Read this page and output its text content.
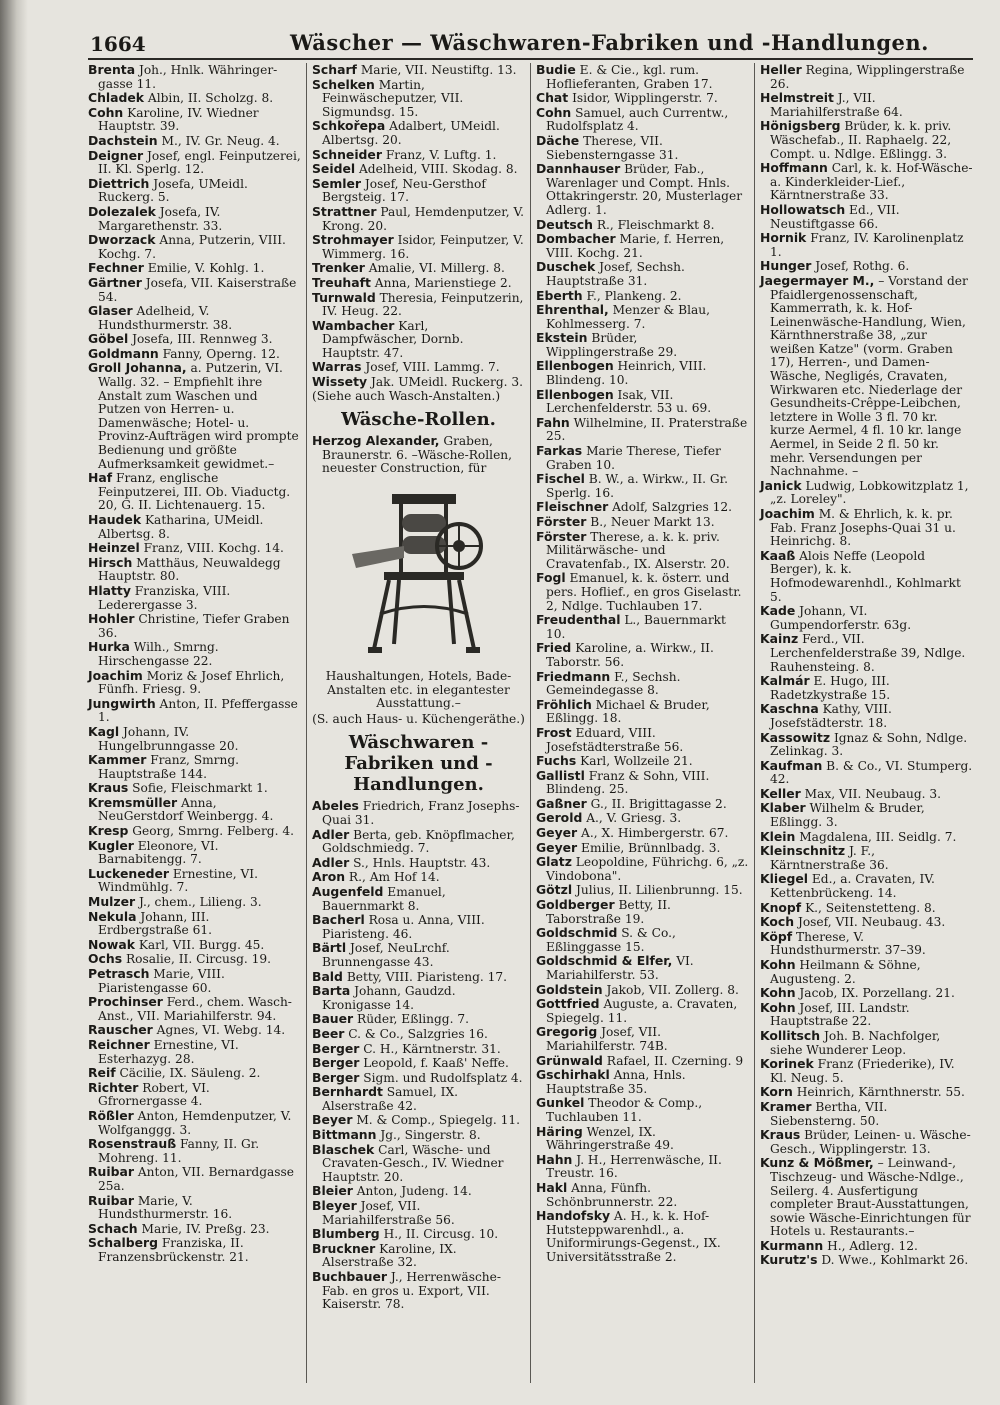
1664	Wäscher — Wäschwaren-Fabriken und -Handlungen.

Brenta Joh., Hnlk. Währinger-gasse 11.

Chladek Albin, II. Scholzg. 8.

Cohn Karoline, IV. Wiedner Hauptstr. 39.

Dachstein M., IV. Gr. Neug. 4.

Deigner Josef, engl. Feinputzerei, II. Kl. Sperlg. 12.

Diettrich Josefa, UMeidl. Ruckerg. 5.

Dolezalek Josefa, IV. Margarethenstr. 33.

Dworzack Anna, Putzerin, VIII. Kochg. 7.

Fechner Emilie, V. Kohlg. 1.

Gärtner Josefa, VII. Kaiserstraße 54.

Glaser Adelheid, V. Hundsthurmerstr. 38.

Göbel Josefa, III. Rennweg 3.

Goldmann Fanny, Operng. 12.

Groll Johanna, a. Putzerin, VI. Wallg. 32. – Empfiehlt ihre Anstalt zum Waschen und Putzen von Herren- u. Damenwäsche; Hotel- u. Provinz-Aufträgen wird prompte Bedienung und größte Aufmerksamkeit gewidmet.–

Haf Franz, englische Feinputzerei, III. Ob. Viaductg. 20, G. II. Lichtenauerg. 15.

Haudek Katharina, UMeidl. Albertsg. 8.

Heinzel Franz, VIII. Kochg. 14.

Hirsch Matthäus, Neuwaldegg Hauptstr. 80.

Hlatty Franziska, VIII. Lederergasse 3.

Hohler Christine, Tiefer Graben 36.

Hurka Wilh., Smrng. Hirschengasse 22.

Joachim Moriz & Josef Ehrlich, Fünfh. Friesg. 9.

Jungwirth Anton, II. Pfeffergasse 1.

Kagl Johann, IV. Hungelbrunngasse 20.

Kammer Franz, Smrng. Hauptstraße 144.

Kraus Sofie, Fleischmarkt 1.

Kremsmüller Anna, NeuGerstdorf Weinbergg. 4.

Kresp Georg, Smrng. Felberg. 4.

Kugler Eleonore, VI. Barnabitengg. 7.

Luckeneder Ernestine, VI. Windmühlg. 7.

Mulzer J., chem., Lilieng. 3.

Nekula Johann, III. Erdbergstraße 61.

Nowak Karl, VII. Burgg. 45.

Ochs Rosalie, II. Circusg. 19.

Petrasch Marie, VIII. Piaristengasse 60.

Prochinser Ferd., chem. Wasch-Anst., VII. Mariahilferstr. 94.

Rauscher Agnes, VI. Webg. 14.

Reichner Ernestine, VI. Esterhazyg. 28.

Reif Cäcilie, IX. Säuleng. 2.

Richter Robert, VI. Gfrornergasse 4.

Rößler Anton, Hemdenputzer, V. Wolfganggg. 3.

Rosenstrauß Fanny, II. Gr. Mohreng. 11.

Ruibar Anton, VII. Bernardgasse 25a.

Ruibar Marie, V. Hundsthurmerstr. 16.

Schach Marie, IV. Preßg. 23.

Schalberg Franziska, II. Franzensbrückenstr. 21.

Scharf Marie, VII. Neustiftg. 13.

Schelken Martin, Feinwäscheputzer, VII. Sigmundsg. 15.

Schkořepa Adalbert, UMeidl. Albertsg. 20.

Schneider Franz, V. Luftg. 1.

Seidel Adelheid, VIII. Skodag. 8.

Semler Josef, Neu-Gersthof Bergsteig. 17.

Strattner Paul, Hemdenputzer, V. Krong. 20.

Strohmayer Isidor, Feinputzer, V. Wimmerg. 16.

Trenker Amalie, VI. Millerg. 8.

Treuhaft Anna, Marienstiege 2.

Turnwald Theresia, Feinputzerin, IV. Heug. 22.

Wambacher Karl, Dampfwäscher, Dornb. Hauptstr. 47.

Warras Josef, VIII. Lammg. 7.

Wissety Jak. UMeidl. Ruckerg. 3.

(Siehe auch Wasch-Anstalten.)

Wäsche-Rollen.

Herzog Alexander, Graben, Braunerstr. 6. –Wäsche-Rollen, neuester Construction, für

Haushaltungen, Hotels, Bade-Anstalten etc. in elegantester Ausstattung.–

(S. auch Haus- u. Küchengeräthe.)

Wäschwaren - Fabriken und - Handlungen.

Abeles Friedrich, Franz Josephs-Quai 31.

Adler Berta, geb. Knöpflmacher, Goldschmiedg. 7.

Adler S., Hnls. Hauptstr. 43.

Aron R., Am Hof 14.

Augenfeld Emanuel, Bauernmarkt 8.

Bacherl Rosa u. Anna, VIII. Piaristeng. 46.

Bärtl Josef, NeuLrchf. Brunnengasse 43.

Bald Betty, VIII. Piaristeng. 17.

Barta Johann, Gaudzd. Kronigasse 14.

Bauer Rüder, Eßlingg. 7.

Beer C. & Co., Salzgries 16.

Berger C. H., Kärntnerstr. 31.

Berger Leopold, f. Kaaß' Neffe.

Berger Sigm. und Rudolfsplatz 4.

Bernhardt Samuel, IX. Alserstraße 42.

Beyer M. & Comp., Spiegelg. 11.

Bittmann Jg., Singerstr. 8.

Blaschek Carl, Wäsche- und Cravaten-Gesch., IV. Wiedner Hauptstr. 20.

Bleier Anton, Judeng. 14.

Bleyer Josef, VII. Mariahilferstraße 56.

Blumberg H., II. Circusg. 10.

Bruckner Karoline, IX. Alserstraße 32.

Buchbauer J., Herrenwäsche-Fab. en gros u. Export, VII. Kaiserstr. 78.

Budie E. & Cie., kgl. rum. Hoflieferanten, Graben 17.

Chat Isidor, Wipplingerstr. 7.

Cohn Samuel, auch Currentw., Rudolfsplatz 4.

Däche Therese, VII. Siebensterngasse 31.

Dannhauser Brüder, Fab., Warenlager und Compt. Hnls. Ottakringerstr. 20, Musterlager Adlerg. 1.

Deutsch R., Fleischmarkt 8.

Dombacher Marie, f. Herren, VIII. Kochg. 21.

Duschek Josef, Sechsh. Hauptstraße 31.

Eberth F., Plankeng. 2.

Ehrenthal, Menzer & Blau, Kohlmesserg. 7.

Ekstein Brüder, Wipplingerstraße 29.

Ellenbogen Heinrich, VIII. Blindeng. 10.

Ellenbogen Isak, VII. Lerchenfelderstr. 53 u. 69.

Fahn Wilhelmine, II. Praterstraße 25.

Farkas Marie Therese, Tiefer Graben 10.

Fischel B. W., a. Wirkw., II. Gr. Sperlg. 16.

Fleischner Adolf, Salzgries 12.

Förster B., Neuer Markt 13.

Förster Therese, a. k. k. priv. Militärwäsche- und Cravatenfab., IX. Alserstr. 20.

Fogl Emanuel, k. k. österr. und pers. Hoflief., en gros Giselastr. 2, Ndlge. Tuchlauben 17.

Freudenthal L., Bauernmarkt 10.

Fried Karoline, a. Wirkw., II. Taborstr. 56.

Friedmann F., Sechsh. Gemeindegasse 8.

Fröhlich Michael & Bruder, Eßlingg. 18.

Frost Eduard, VIII. Josefstädterstraße 56.

Fuchs Karl, Wollzeile 21.

Gallistl Franz & Sohn, VIII. Blindeng. 25.

Gaßner G., II. Brigittagasse 2.

Gerold A., V. Griesg. 3.

Geyer A., X. Himbergerstr. 67.

Geyer Emilie, Brünnlbadg. 3.

Glatz Leopoldine, Führichg. 6, „z. Vindobona".

Götzl Julius, II. Lilienbrunng. 15.

Goldberger Betty, II. Taborstraße 19.

Goldschmid S. & Co., Eßlinggasse 15.

Goldschmid & Elfer, VI. Mariahilferstr. 53.

Goldstein Jakob, VII. Zollerg. 8.

Gottfried Auguste, a. Cravaten, Spiegelg. 11.

Gregorig Josef, VII. Mariahilferstr. 74B.

Grünwald Rafael, II. Czerning. 9

Gschirhakl Anna, Hnls. Hauptstraße 35.

Gunkel Theodor & Comp., Tuchlauben 11.

Häring Wenzel, IX. Währingerstraße 49.

Hahn J. H., Herrenwäsche, II. Treustr. 16.

Hakl Anna, Fünfh. Schönbrunnerstr. 22.

Handofsky A. H., k. k. Hof-Hutsteppwarenhdl., a. Uniformirungs-Gegenst., IX. Universitätsstraße 2.

Heller Regina, Wipplingerstraße 26.

Helmstreit J., VII. Mariahilferstraße 64.

Hönigsberg Brüder, k. k. priv. Wäschefab., II. Raphaelg. 22, Compt. u. Ndlge. Eßlingg. 3.

Hoffmann Carl, k. k. Hof-Wäsche- a. Kinderkleider-Lief., Kärntnerstraße 33.

Hollowatsch Ed., VII. Neustiftgasse 66.

Hornik Franz, IV. Karolinenplatz 1.

Hunger Josef, Rothg. 6.

Jaegermayer M., – Vorstand der Pfaidlergenossenschaft, Kammerrath, k. k. Hof-Leinenwäsche-Handlung, Wien, Kärnthnerstraße 38, „zur weißen Katze" (vorm. Graben 17), Herren-, und Damen-Wäsche, Negligés, Cravaten, Wirkwaren etc. Niederlage der Gesundheits-Crêppe-Leibchen, letztere in Wolle 3 fl. 70 kr. kurze Aermel, 4 fl. 10 kr. lange Aermel, in Seide 2 fl. 50 kr. mehr. Versendungen per Nachnahme. –

Janick Ludwig, Lobkowitzplatz 1, „z. Loreley".

Joachim M. & Ehrlich, k. k. pr. Fab. Franz Josephs-Quai 31 u. Heinrichg. 8.

Kaaß Alois Neffe (Leopold Berger), k. k. Hofmodewarenhdl., Kohlmarkt 5.

Kade Johann, VI. Gumpendorferstr. 63g.

Kainz Ferd., VII. Lerchenfelderstraße 39, Ndlge. Rauhensteing. 8.

Kalmár E. Hugo, III. Radetzkystraße 15.

Kaschna Kathy, VIII. Josefstädterstr. 18.

Kassowitz Ignaz & Sohn, Ndlge. Zelinkag. 3.

Kaufman B. & Co., VI. Stumperg. 42.

Keller Max, VII. Neubaug. 3.

Klaber Wilhelm & Bruder, Eßlingg. 3.

Klein Magdalena, III. Seidlg. 7.

Kleinschnitz J. F., Kärntnerstraße 36.

Kliegel Ed., a. Cravaten, IV. Kettenbrückeng. 14.

Knopf K., Seitenstetteng. 8.

Koch Josef, VII. Neubaug. 43.

Köpf Therese, V. Hundsthurmerstr. 37–39.

Kohn Heilmann & Söhne, Augusteng. 2.

Kohn Jacob, IX. Porzellang. 21.

Kohn Josef, III. Landstr. Hauptstraße 22.

Kollitsch Joh. B. Nachfolger, siehe Wunderer Leop.

Korinek Franz (Friederike), IV. Kl. Neug. 5.

Korn Heinrich, Kärnthnerstr. 55.

Kramer Bertha, VII. Siebensterng. 50.

Kraus Brüder, Leinen- u. Wäsche-Gesch., Wipplingerstr. 13.

Kunz & Mößmer, – Leinwand-, Tischzeug- und Wäsche-Ndlge., Seilerg. 4. Ausfertigung completer Braut-Ausstattungen, sowie Wäsche-Einrichtungen für Hotels u. Restaurants.–

Kurmann H., Adlerg. 12.

Kurutz's D. Wwe., Kohlmarkt 26.
